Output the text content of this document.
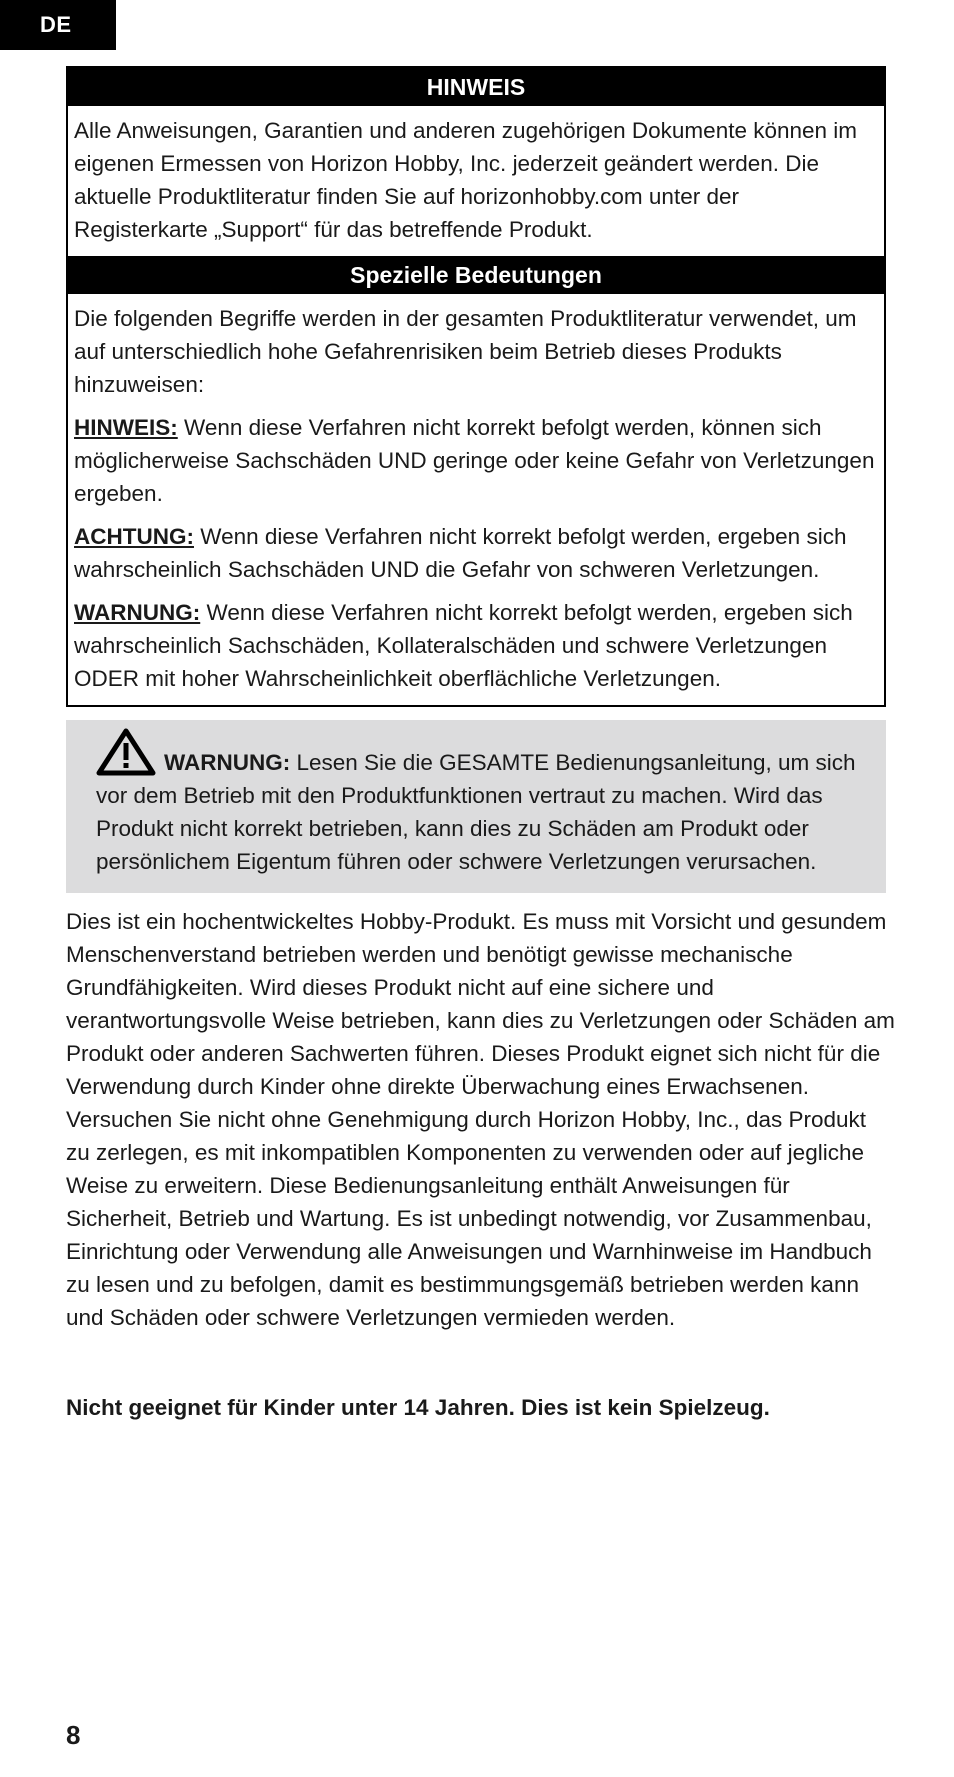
DE
HINWEIS

Alle Anweisungen, Garantien und anderen zugehörigen Dokumente können im eigenen Ermessen von Horizon Hobby, Inc. jederzeit geändert werden. Die aktuelle Produktliteratur finden Sie auf horizonhobby.com unter der Registerkarte „Support“ für das betreffende Produkt.

Spezielle Bedeutungen

Die folgenden Begriffe werden in der gesamten Produktliteratur verwendet, um auf unterschiedlich hohe Gefahrenrisiken beim Betrieb dieses Produkts hinzuweisen:

HINWEIS: Wenn diese Verfahren nicht korrekt befolgt werden, können sich möglicherweise Sachschäden UND geringe oder keine Gefahr von Verletzungen ergeben.

ACHTUNG: Wenn diese Verfahren nicht korrekt befolgt werden, ergeben sich wahrscheinlich Sachschäden UND die Gefahr von schweren Verletzungen.

WARNUNG: Wenn diese Verfahren nicht korrekt befolgt werden, ergeben sich wahrscheinlich Sachschäden, Kollateralschäden und schwere Verletzungen ODER mit hoher Wahrscheinlichkeit oberflächliche Verletzungen.

WARNUNG: Lesen Sie die GESAMTE Bedienungsanleitung, um sich vor dem Betrieb mit den Produktfunktionen vertraut zu machen. Wird das Produkt nicht korrekt betrieben, kann dies zu Schäden am Produkt oder persönlichem Eigentum führen oder schwere Verletzungen verursachen.

Dies ist ein hochentwickeltes Hobby-Produkt. Es muss mit Vorsicht und gesundem Menschenverstand betrieben werden und benötigt gewisse mechanische Grundfähigkeiten. Wird dieses Produkt nicht auf eine sichere und verantwortungsvolle Weise betrieben, kann dies zu Verletzungen oder Schäden am Produkt oder anderen Sachwerten führen. Dieses Produkt eignet sich nicht für die Verwendung durch Kinder ohne direkte Überwachung eines Erwachsenen. Versuchen Sie nicht ohne Genehmigung durch Horizon Hobby, Inc., das Produkt zu zerlegen, es mit inkompatiblen Komponenten zu verwenden oder auf jegliche Weise zu erweitern. Diese Bedienungsanleitung enthält Anweisungen für Sicherheit, Betrieb und Wartung. Es ist unbedingt notwendig, vor Zusammenbau, Einrichtung oder Verwendung alle Anweisungen und Warnhinweise im Handbuch zu lesen und zu befolgen, damit es bestimmungsgemäß betrieben werden kann und Schäden oder schwere Verletzungen vermieden werden.

Nicht geeignet für Kinder unter 14 Jahren. Dies ist kein Spielzeug.

8
